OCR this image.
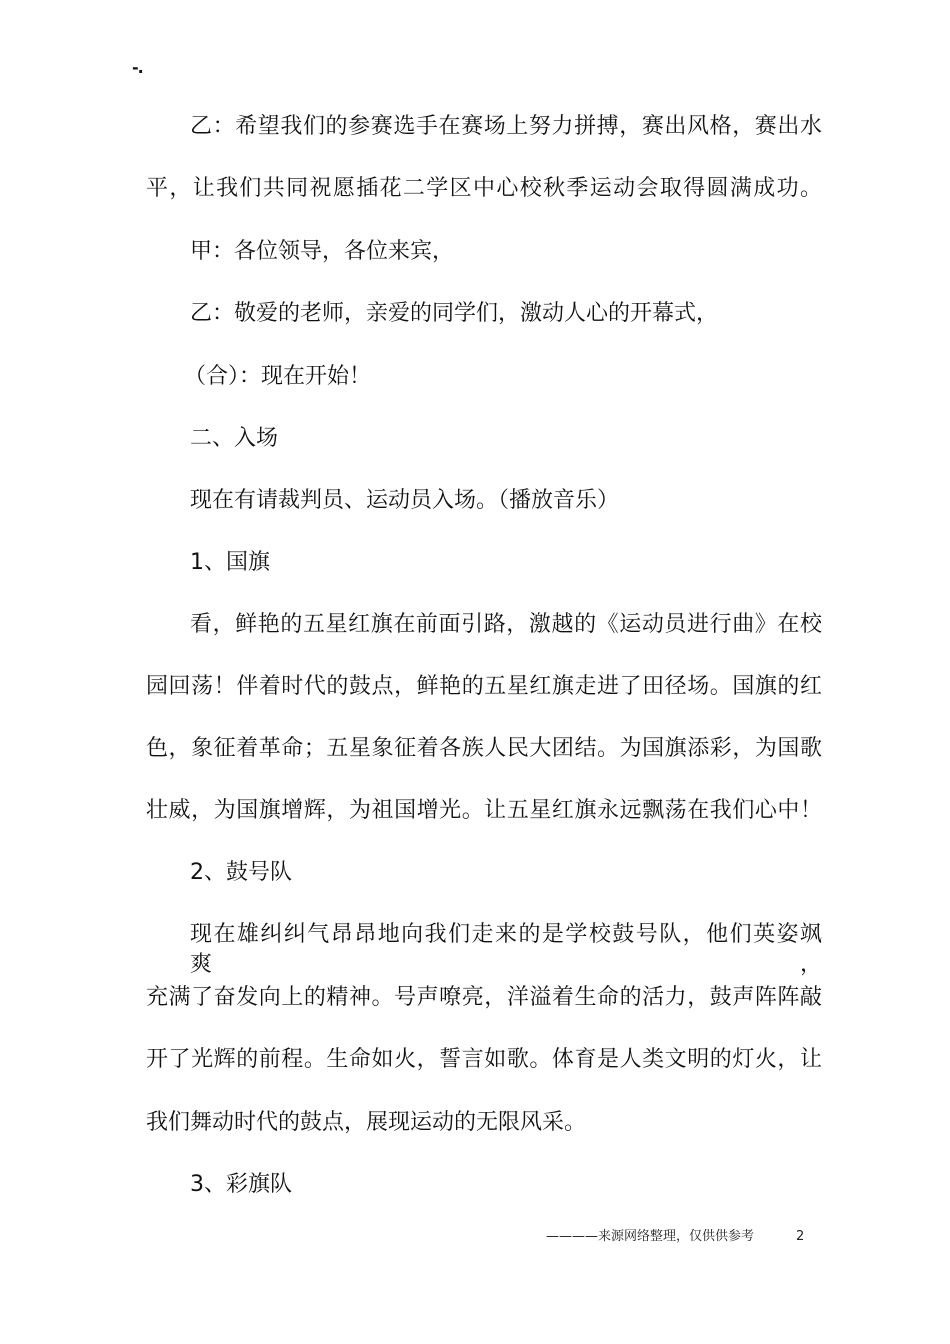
-.
乙：希望我们的参赛选手在赛场上努力拼搏，赛出风格，赛出水
平，让我们共同祝愿插花二学区中心校秋季运动会取得圆满成功。
甲：各位领导，各位来宾，
乙：敬爱的老师，亲爱的同学们，激动人心的开幕式，
（合）：现在开始！
二、入场
现在有请裁判员、运动员入场。（播放音乐）
1、国旗
看，鲜艳的五星红旗在前面引路，激越的《运动员进行曲》在校
园回荡！伴着时代的鼓点，鲜艳的五星红旗走进了田径场。国旗的红
色，象征着革命；五星象征着各族人民大团结。为国旗添彩，为国歌
壮威，为国旗增辉，为祖国增光。让五星红旗永远飘荡在我们心中！
2、鼓号队
现在雄纠纠气昂昂地向我们走来的是学校鼓号队，他们英姿飒爽，
充满了奋发向上的精神。号声嘹亮，洋溢着生命的活力，鼓声阵阵敲
开了光辉的前程。生命如火，誓言如歌。体育是人类文明的灯火，让
我们舞动时代的鼓点，展现运动的无限风采。
3、彩旗队
————来源网络整理，仅供供参考	2
